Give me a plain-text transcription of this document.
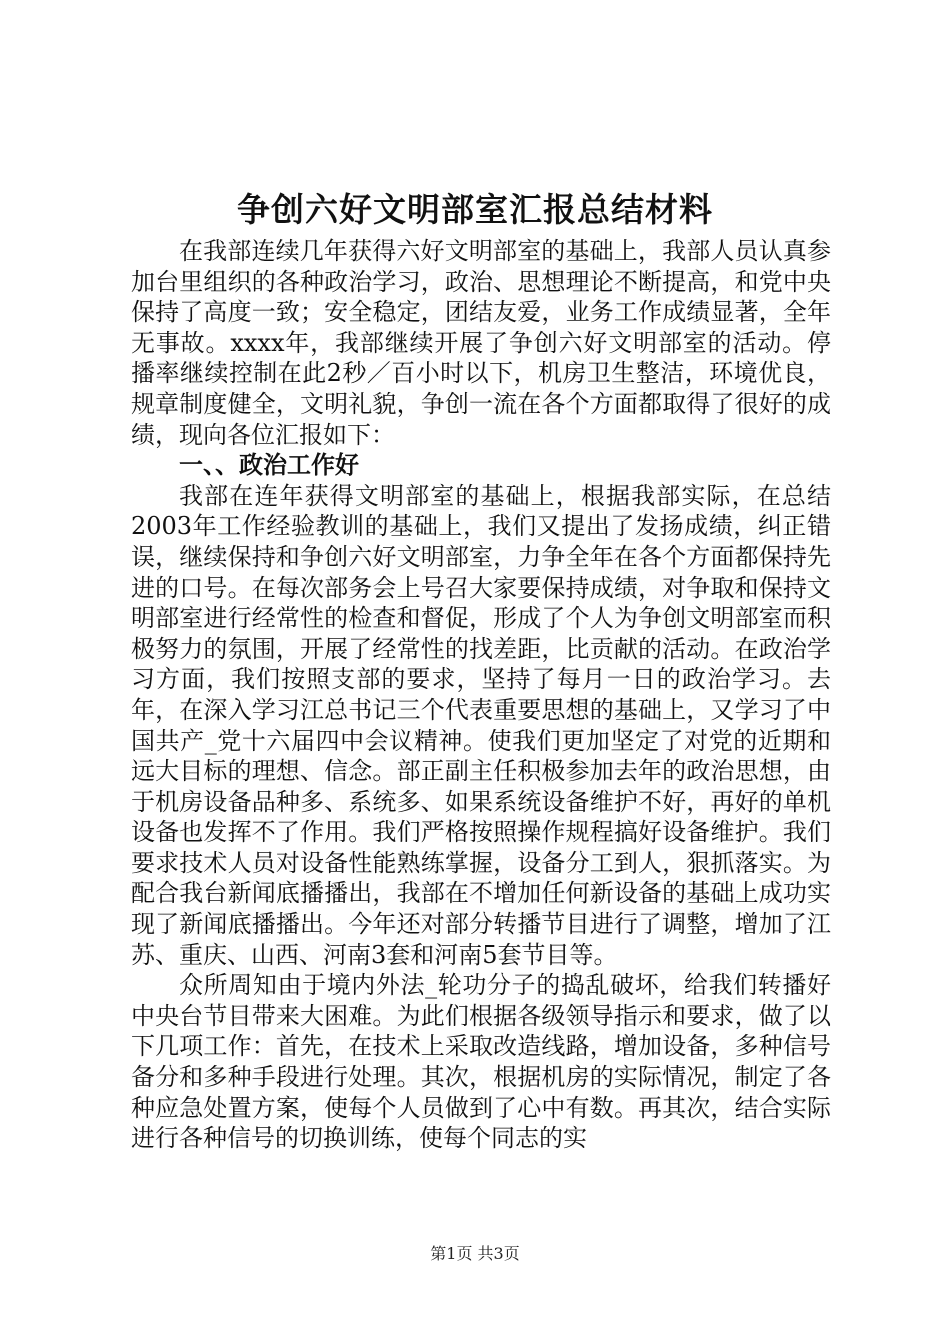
争创六好文明部室汇报总结材料

在我部连续几年获得六好文明部室的基础上，我部人员认真参加台里组织的各种政治学习，政治、思想理论不断提高，和党中央保持了高度一致；安全稳定，团结友爱，业务工作成绩显著，全年无事故。xxxx年，我部继续开展了争创六好文明部室的活动。停播率继续控制在此2秒／百小时以下，机房卫生整洁，环境优良，规章制度健全，文明礼貌，争创一流在各个方面都取得了很好的成绩，现向各位汇报如下：

一、、政治工作好

我部在连年获得文明部室的基础上，根据我部实际，在总结2003年工作经验教训的基础上，我们又提出了发扬成绩，纠正错误，继续保持和争创六好文明部室，力争全年在各个方面都保持先进的口号。在每次部务会上号召大家要保持成绩，对争取和保持文明部室进行经常性的检查和督促，形成了个人为争创文明部室而积极努力的氛围，开展了经常性的找差距，比贡献的活动。在政治学习方面，我们按照支部的要求，坚持了每月一日的政治学习。去年，在深入学习江总书记三个代表重要思想的基础上，又学习了中国共产_党十六届四中会议精神。使我们更加坚定了对党的近期和远大目标的理想、信念。部正副主任积极参加去年的政治思想，由于机房设备品种多、系统多、如果系统设备维护不好，再好的单机设备也发挥不了作用。我们严格按照操作规程搞好设备维护。我们要求技术人员对设备性能熟练掌握，设备分工到人，狠抓落实。为配合我台新闻底播播出，我部在不增加任何新设备的基础上成功实现了新闻底播播出。今年还对部分转播节目进行了调整，增加了江苏、重庆、山西、河南3套和河南5套节目等。

众所周知由于境内外法_轮功分子的捣乱破坏，给我们转播好中央台节目带来大困难。为此们根据各级领导指示和要求，做了以下几项工作：首先，在技术上采取改造线路，增加设备，多种信号备分和多种手段进行处理。其次，根据机房的实际情况，制定了各种应急处置方案，使每个人员做到了心中有数。再其次，结合实际进行各种信号的切换训练，使每个同志的实

第1页 共3页
